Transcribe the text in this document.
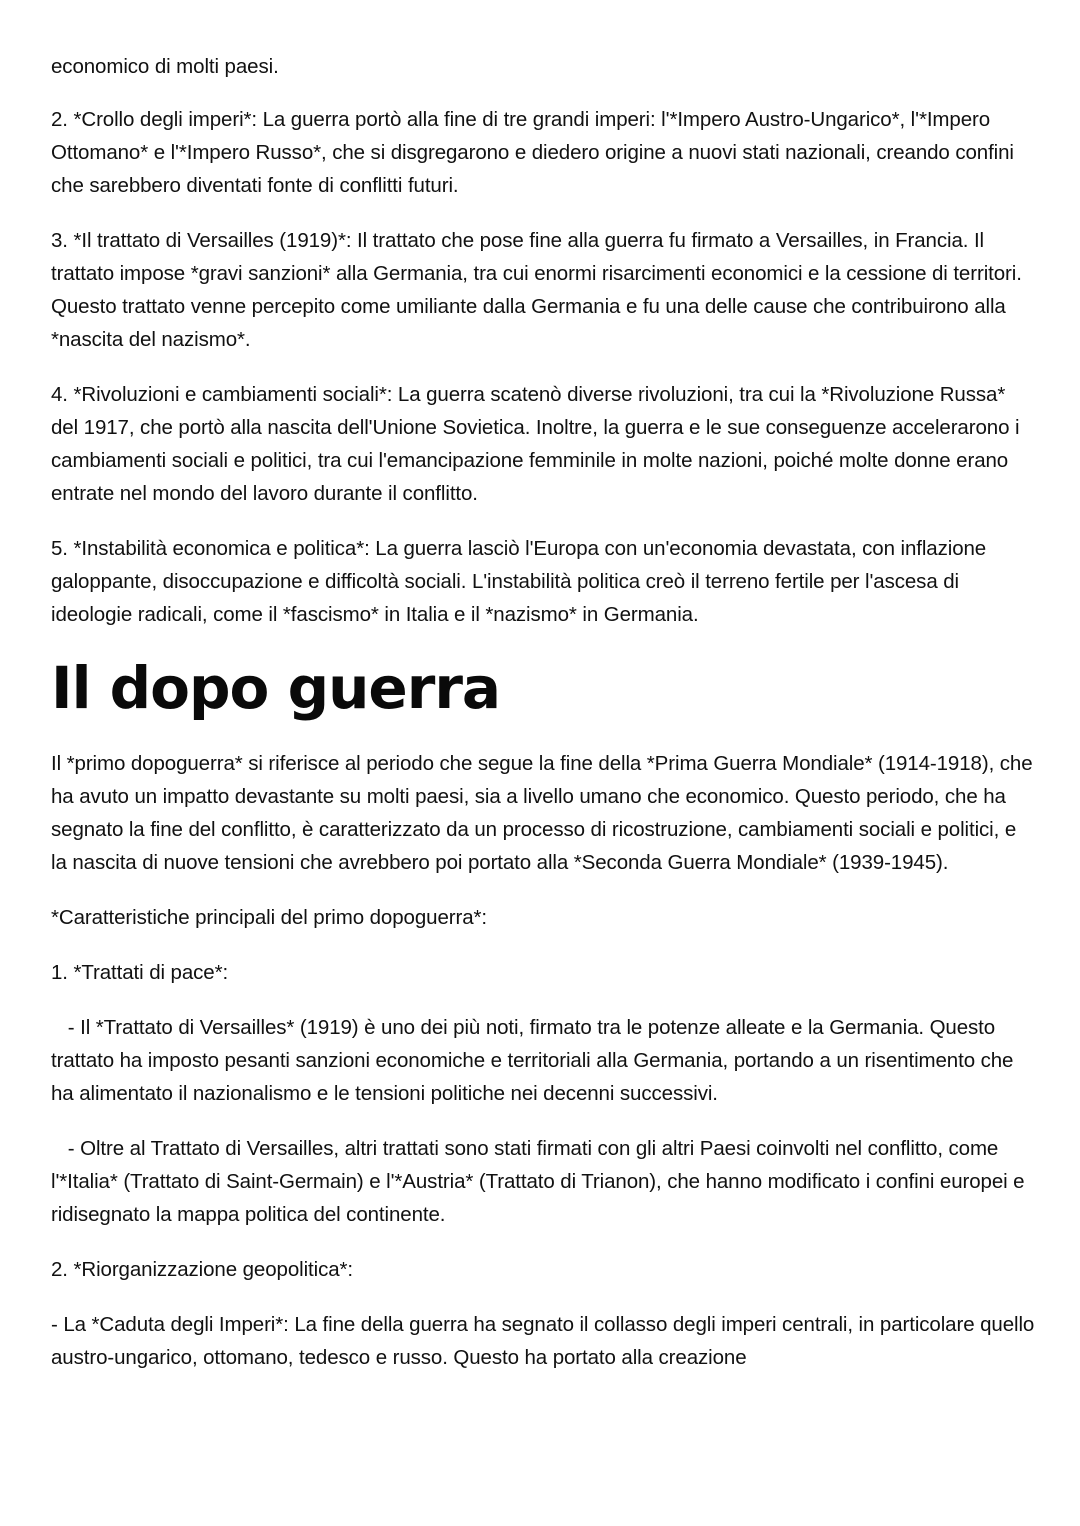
economico di molti paesi.

2. *Crollo degli imperi*: La guerra portò alla fine di tre grandi imperi: l'*Impero Austro-Ungarico*, l'*Impero Ottomano* e l'*Impero Russo*, che si disgregarono e diedero origine a nuovi stati nazionali, creando confini che sarebbero diventati fonte di conflitti futuri.

3. *Il trattato di Versailles (1919)*: Il trattato che pose fine alla guerra fu firmato a Versailles, in Francia. Il trattato impose *gravi sanzioni* alla Germania, tra cui enormi risarcimenti economici e la cessione di territori. Questo trattato venne percepito come umiliante dalla Germania e fu una delle cause che contribuirono alla *nascita del nazismo*.

4. *Rivoluzioni e cambiamenti sociali*: La guerra scatenò diverse rivoluzioni, tra cui la *Rivoluzione Russa* del 1917, che portò alla nascita dell'Unione Sovietica. Inoltre, la guerra e le sue conseguenze accelerarono i cambiamenti sociali e politici, tra cui l'emancipazione femminile in molte nazioni, poiché molte donne erano entrate nel mondo del lavoro durante il conflitto.

5. *Instabilità economica e politica*: La guerra lasciò l'Europa con un'economia devastata, con inflazione galoppante, disoccupazione e difficoltà sociali. L'instabilità politica creò il terreno fertile per l'ascesa di ideologie radicali, come il *fascismo* in Italia e il *nazismo* in Germania.

Il dopo guerra

Il *primo dopoguerra* si riferisce al periodo che segue la fine della *Prima Guerra Mondiale* (1914-1918), che ha avuto un impatto devastante su molti paesi, sia a livello umano che economico. Questo periodo, che ha segnato la fine del conflitto, è caratterizzato da un processo di ricostruzione, cambiamenti sociali e politici, e la nascita di nuove tensioni che avrebbero poi portato alla *Seconda Guerra Mondiale* (1939-1945).

*Caratteristiche principali del primo dopoguerra*:

1. *Trattati di pace*:

- Il *Trattato di Versailles* (1919) è uno dei più noti, firmato tra le potenze alleate e la Germania. Questo trattato ha imposto pesanti sanzioni economiche e territoriali alla Germania, portando a un risentimento che ha alimentato il nazionalismo e le tensioni politiche nei decenni successivi.

- Oltre al Trattato di Versailles, altri trattati sono stati firmati con gli altri Paesi coinvolti nel conflitto, come l'*Italia* (Trattato di Saint-Germain) e l'*Austria* (Trattato di Trianon), che hanno modificato i confini europei e ridisegnato la mappa politica del continente.

2. *Riorganizzazione geopolitica*:

- La *Caduta degli Imperi*: La fine della guerra ha segnato il collasso degli imperi centrali, in particolare quello austro-ungarico, ottomano, tedesco e russo. Questo ha portato alla creazione
